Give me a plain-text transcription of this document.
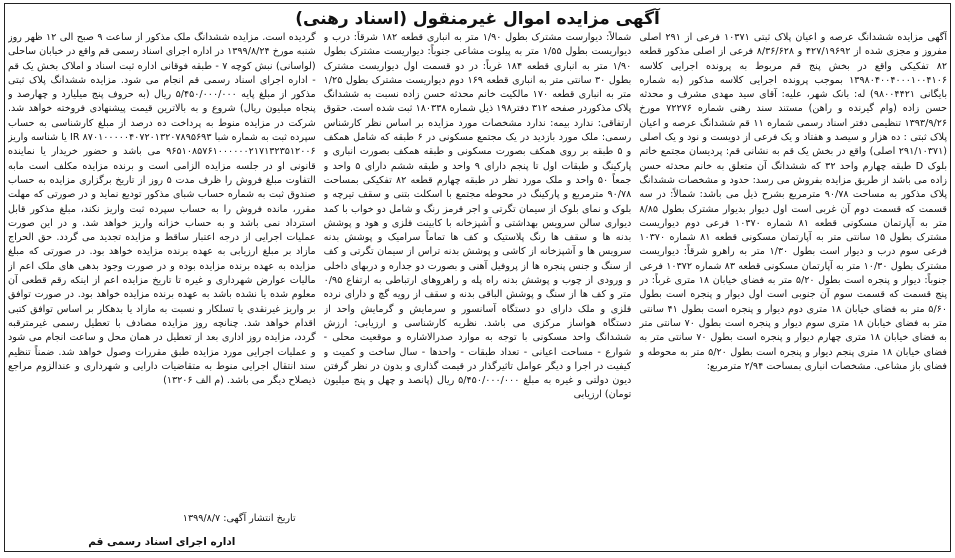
آگهی مزایده اموال غیرمنقول (اسناد رهنی)

آگهی مزایده ششدانگ عرصه و اعیان پلاک ثبتی ۱۰۳۷۱ فرعی از ۲۹۱ اصلی مفروز و مجزی شده از ۴۲۷/۱۹۶۹۲ و ۸/۳۶/۶۲۸ فرعی از اصلی مذکور قطعه ۸۲ تفکیکی واقع در بخش پنج قم مربوط به پرونده اجرایی کلاسه ۱۳۹۸۰۴۰۰۴۰۰۰۱۰۰۴۱۰۶ بموجب پرونده اجرایی کلاسه مذکور (به شماره بایگانی ۹۸۰۰۴۴۲۱) له: بانک شهر، علیه: آقای سید مهدی مشرف و محدثه حسن زاده (وام گیرنده و راهن) مستند سند رهنی شماره ۷۲۲۷۶ مورخ ۱۳۹۳/۹/۲۶ تنظیمی دفتر اسناد رسمی شماره ۱۱ قم ششدانگ عرصه و اعیان پلاک ثبتی : ده هزار و سیصد و هفتاد و یک فرعی از دویست و نود و یک اصلی (۲۹۱/۱۰۳۷۱ اصلی) واقع در بخش یک قم به نشانی قم: پردیسان مجتمع خاتم بلوک D طبقه چهارم واحد ۳۲ که ششدانگ آن متعلق به خانم محدثه حسن زاده می باشد از طریق مزایده بفروش می رسد: حدود و مشخصات ششدانگ پلاک مذکور به مساحت ۹۰/۷۸ مترمربع بشرح ذیل می باشد: شمالاً: در سه قسمت که قسمت دوم آن غربی است اول دیوار بدیوار مشترک بطول ۸/۸۵ متر به آپارتمان مسکونی قطعه ۸۱ شماره ۱۰۳۷۰ فرعی دوم دیواریست مشترک بطول ۱۵ سانتی متر به آپارتمان مسکونی قطعه ۸۱ شماره ۱۰۳۷۰ فرعی سوم درب و دیوار است بطول ۱/۳۰ متر به راهرو شرقاً: دیواریست مشترک بطول ۱۰/۳۰ متر به آپارتمان مسکونی قطعه ۸۳ شماره ۱۰۳۷۲ فرعی جنوباً: دیوار و پنجره است بطول ۵/۲۰ متر به فضای خیابان ۱۸ متری غرباً: در پنج قسمت که قسمت سوم آن جنوبی است اول دیوار و پنجره است بطول ۵/۶۰ متر به فضای خیابان ۱۸ متری دوم دیوار و پنجره است بطول ۴۱ سانتی متر به فضای خیابان ۱۸ متری سوم دیوار و پنجره است بطول ۷۰ سانتی متر به فضای خیابان ۱۸ متری چهارم دیوار و پنجره است بطول ۷۰ سانتی متر به فضای خیابان ۱۸ متری پنجم دیوار و پنجره است بطول ۵/۲۰ متر به محوطه و فضای باز مشاعی. مشخصات انباری بمساحت ۲/۹۴ مترمربع:

شمالاً: دیوارست مشترک بطول ۱/۹۰ متر به انباری قطعه ۱۸۲ شرقاً: درب و دیواریست بطول ۱/۵۵ متر به پیلوت مشاعی جنوباً: دیواریست مشترک بطول ۱/۹۰ متر به انباری قطعه ۱۸۴ غرباً: در دو قسمت اول دیواریست مشترک بطول ۳۰ سانتی متر به انباری قطعه ۱۶۹ دوم دیواریست مشترک بطول ۱/۲۵ متر به انباری قطعه ۱۷۰ مالکیت خانم محدثه حسن زاده نسبت به ششدانگ پلاک مذکوردر صفحه ۳۱۲ دفتر۱۹۸ ذیل شماره ۱۸۰۳۳۸ ثبت شده است. حقوق ارتفاقی: ندارد بیمه: ندارد مشخصات مورد مزایده بر اساس نظر کارشناس رسمی: ملک مورد بازدید در یک مجتمع مسکونی در ۶ طبقه که شامل همکف و ۵ طبقه بر روی همکف بصورت مسکونی و طبقه همکف بصورت انباری و پارکینگ و طبقات اول تا پنجم دارای ۹ واحد و طبقه ششم دارای ۵ واحد و جمعاً ۵۰ واحد و ملک مورد نظر در طبقه چهارم قطعه ۸۲ تفکیکی بمساحت ۹۰/۷۸ مترمربع و پارکینگ در محوطه مجتمع با اسکلت بتنی و سقف تیرچه و بلوک و نمای بلوک از سیمان تگرتی و اجر قرمز رنگ و شامل دو خواب با کمد دیواری سالن سرویس بهداشتی و آشپزخانه با کابینت فلزی و هود و پوشش بدنه ها و سقف ها رنگ پلاستیک و کف ها تماماً سرامیک و پوشش بدنه سرویس ها و آشپزخانه از کاشی و پوشش بدنه تراس از سیمان تگرتی و کف از سنگ و جنس پنجره ها از پروفیل آهنی و بصورت دو جداره و دربهای داخلی و ورودی از چوب و پوشش بدنه راه پله و راهروهای ارتباطی به ارتفاع ۰/۹۵ متر و کف ها از سنگ و پوشش الباقی بدنه و سقف از رویه گچ و دارای نرده فلزی و ملک دارای دو دستگاه آسانسور و سرمایش و گرمایش واحد از دستگاه هواساز مرکزی می باشد. نظریه کارشناسی و ارزیابی: ارزش ششدانگ واحد مسکونی با توجه به موارد صدرالاشاره و موقعیت محلی - شوارع - مساحت اعیانی - تعداد طبقات - واحدها - سال ساخت و کمیت و کیفیت در اجرا و دیگر عوامل تاثیرگذار در قیمت گذاری و بدون در نظر گرفتن دیون دولتی و غیره به مبلغ ۵/۴۵۰/۰۰۰/۰۰۰ ریال (پانصد و چهل و پنج میلیون تومان) ارزیابی

گردیده است. مزایده ششدانگ ملک مذکور از ساعت ۹ صبح الی ۱۲ ظهر روز شنبه مورخ ۱۳۹۹/۸/۲۴ در اداره اجرای اسناد رسمی قم واقع در خیابان ساحلی (لواسانی) نبش کوچه ۷ - طبقه فوقانی اداره ثبت اسناد و املاک بخش یک قم - اداره اجرای اسناد رسمی قم انجام می شود. مزایده ششدانگ پلاک ثبتی مذکور از مبلغ پایه ۵/۴۵۰/۰۰۰/۰۰۰ ریال (به حروف پنج میلیارد و چهارصد و پنجاه میلیون ریال) شروع و به بالاترین قیمت پیشنهادی فروخته خواهد شد. شرکت در مزایده منوط به پرداخت ده درصد از مبلغ کارشناسی به حساب سپرده ثبت به شماره شبا IR ۸۷۰۱۰۰۰۰۰۴۰۷۲۰۱۳۲۰۷۸۹۵۶۹۳ یا شناسه واریز ۹۶۵۱۰۸۵۷۶۱۰۰۰۰۰۰۲۱۷۱۳۲۳۵۱۲۰۰۶ می باشد و حضور خریدار یا نماینده قانونی او در جلسه مزایده الزامی است و برنده مزایده مکلف است مابه التفاوت مبلغ فروش را ظرف مدت ۵ روز از تاریخ برگزاری مزایده به حساب صندوق ثبت به شماره حساب شبای مذکور تودیع نماید و در صورتی که مهلت مقرر، مانده فروش را به حساب سپرده ثبت واریز نکند، مبلغ مذکور قابل استرداد نمی باشد و به حساب خزانه واریز خواهد شد. و در این صورت عملیات اجرایی از درجه اعتبار ساقط و مزایده تجدید می گردد. حق الحراج مازاد بر مبلغ ارزیابی به عهده برنده مزایده خواهد بود. در صورتی که مبلغ مزایده به عهده برنده مزایده بوده و در صورت وجود بدهی های ملک اعم از مالیات عوارض شهرداری و غیره تا تاریخ مزایده اعم از اینکه رقم قطعی آن معلوم شده یا نشده باشد به عهده برنده مزایده خواهد بود. در صورت توافق بر واریز غیرنقدی یا تسلکار و نسبت به مازاد یا بدهکار بر اساس توافق کتبی اقدام خواهد شد. چنانچه روز مزایده مصادف با تعطیل رسمی غیرمترقبه گردد، مزایده روز اداری بعد از تعطیل در همان محل و ساعت انجام می شود و عملیات اجرایی مورد مزایده طبق مقررات وصول خواهد شد. ضمناً تنظیم سند انتقال اجرایی منوط به متقاضیات دارایی و شهرداری و عندالزوم مراجع ذیصلاح دیگر می باشد. (م الف ۱۳۲۰۶)

تاریخ انتشار آگهی: ۱۳۹۹/۸/۷
اداره اجرای اسناد رسمی قم
